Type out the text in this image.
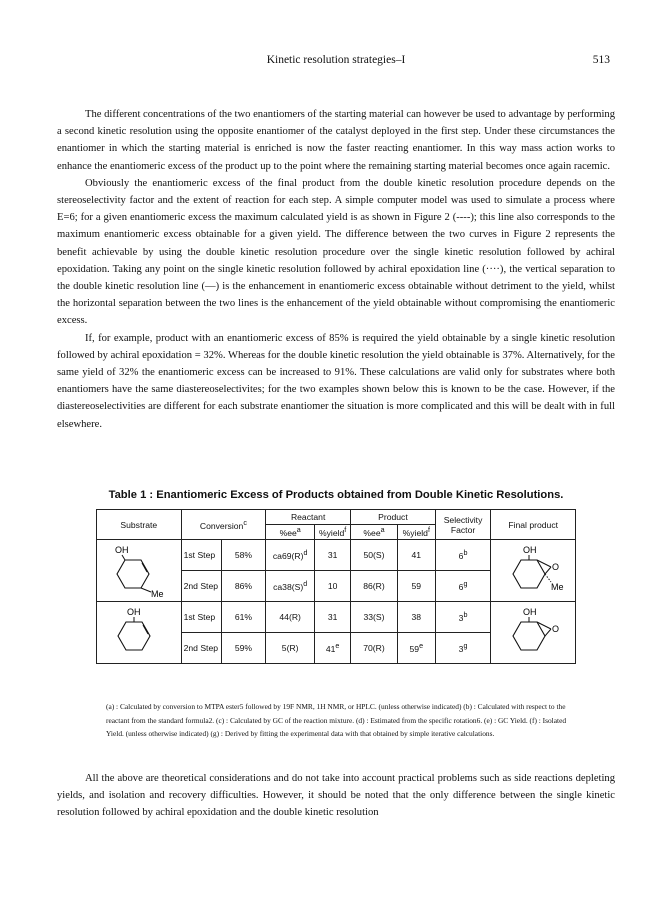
Kinetic resolution strategies–I	513

The different concentrations of the two enantiomers of the starting material can however be used to advantage by performing a second kinetic resolution using the opposite enantiomer of the catalyst deployed in the first step. Under these circumstances the enantiomer in which the starting material is enriched is now the faster reacting enantiomer. In this way mass action works to enhance the enantiomeric excess of the product up to the point where the remaining starting material becomes once again racemic.

Obviously the enantiomeric excess of the final product from the double kinetic resolution procedure depends on the stereoselectivity factor and the extent of reaction for each step. A simple computer model was used to simulate a process where E=6; for a given enantiomeric excess the maximum calculated yield is as shown in Figure 2 (----); this line also corresponds to the maximum enantiomeric excess obtainable for a given yield. The difference between the two curves in Figure 2 represents the benefit achievable by using the double kinetic resolution procedure over the single kinetic resolution followed by achiral epoxidation. Taking any point on the single kinetic resolution followed by achiral epoxidation line (····), the vertical separation to the double kinetic resolution line (—) is the enhancement in enantiomeric excess obtainable without detriment to the yield, whilst the horizontal separation between the two lines is the enhancement of the yield obtainable without compromising the enantiomeric excess.

If, for example, product with an enantiomeric excess of 85% is required the yield obtainable by a single kinetic resolution followed by achiral epoxidation = 32%. Whereas for the double kinetic resolution the yield obtainable is 37%. Alternatively, for the same yield of 32% the enantiomeric excess can be increased to 91%. These calculations are valid only for substrates where both enantiomers have the same diastereoselectivites; for the two examples shown below this is known to be the case. However, if the diastereoselectivities are different for each substrate enantiomer the situation is more complicated and this will be dealt with in full elsewhere.

Table 1 : Enantiomeric Excess of Products obtained from Double Kinetic Resolutions.
Substrate	Conversion$^c$		Reactant		Product		Selectivity Factor	Final product
			$\%ee^a$	%yield$^f$	$\%ee^a$	%yield$^f$

OH
Me	1st Step	58%	$ca69(R)^d$	31	50(S)	41	6$^b$	OH
O
Me

	2nd Step	86%	$ca38(S)^d$	10	86(R)	59	6$^g$

OH	1st Step	61%	44(R)	31	33(S)	38	3$^b$	OH
O

	2nd Step	59%	5(R)	41e	70(R)	59e	3$^g$

(a) : Calculated by conversion to MTPA ester5 followed by 19F NMR, 1H NMR, or HPLC. (unless otherwise indicated) (b) : Calculated with respect to the reactant from the standard formula2. (c) : Calculated by GC of the reaction mixture. (d) : Estimated from the specific rotation6. (e) : GC Yield. (f) : Isolated Yield. (unless otherwise indicated) (g) : Derived by fitting the experimental data with that obtained by simple iterative calculations.

All the above are theoretical considerations and do not take into account practical problems such as side reactions depleting yields, and isolation and recovery difficulties. However, it should be noted that the only difference between the single kinetic resolution followed by achiral epoxidation and the double kinetic resolution
